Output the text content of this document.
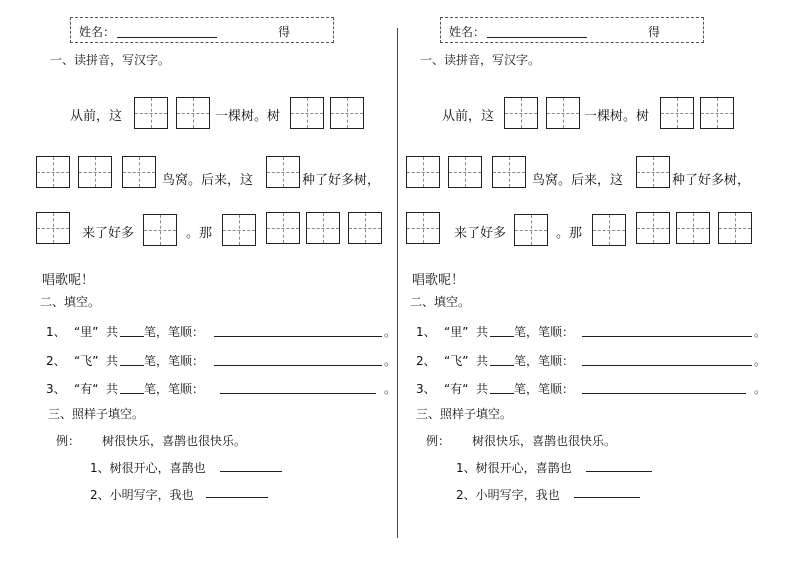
姓名：	得
一、读拼音，写汉字。
从前，这	一棵树。树
鸟窝。后来，这	种了好多树，
来了好多	。那
唱歌呢！
二、填空。
1、 “里” 共 笔，笔顺：	。
2、 “飞” 共 笔，笔顺：	。
3、 “有“ 共 笔，笔顺：	。
三、照样子填空。
例： 树很快乐，喜鹊也很快乐。
1、树很开心，喜鹊也
2、小明写字，我也
姓名：	得
一、读拼音，写汉字。
从前，这	一棵树。树
鸟窝。后来，这	种了好多树，
来了好多	。那
唱歌呢！
二、填空。
1、 “里” 共 笔，笔顺：	。
2、 “飞” 共 笔，笔顺：	。
3、 “有“ 共 笔，笔顺：	。
三、照样子填空。
例： 树很快乐，喜鹊也很快乐。
1、树很开心，喜鹊也
2、小明写字，我也
